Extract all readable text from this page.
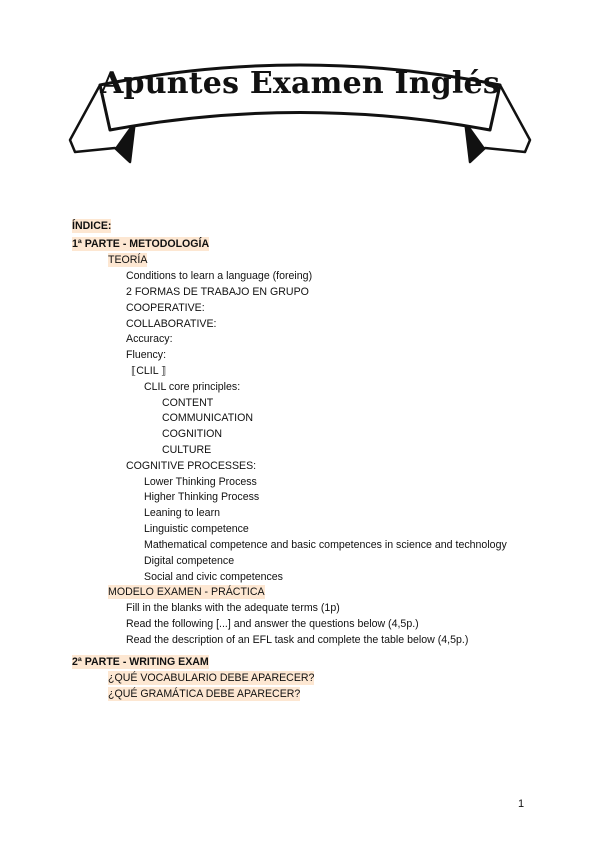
Apuntes Examen Inglés
ÍNDICE:
1ª PARTE - METODOLOGÍA
TEORÍA
Conditions to learn a language (foreing)
2 FORMAS DE TRABAJO EN GRUPO
COOPERATIVE:
COLLABORATIVE:
Accuracy:
Fluency:
⟦CLIL ⟧
CLIL core principles:
CONTENT
COMMUNICATION
COGNITION
CULTURE
COGNITIVE PROCESSES:
Lower Thinking Process
Higher Thinking Process
Leaning to learn
Linguistic competence
Mathematical competence and basic competences in science and technology
Digital competence
Social and civic competences
MODELO EXAMEN - PRÁCTICA
Fill in the blanks with the adequate terms (1p)
Read the following [...] and answer the questions below (4,5p.)
Read the description of an EFL task and complete the table below (4,5p.)
2ª PARTE - WRITING EXAM
¿QUÉ VOCABULARIO DEBE APARECER?
¿QUÉ GRAMÁTICA DEBE APARECER?
1
